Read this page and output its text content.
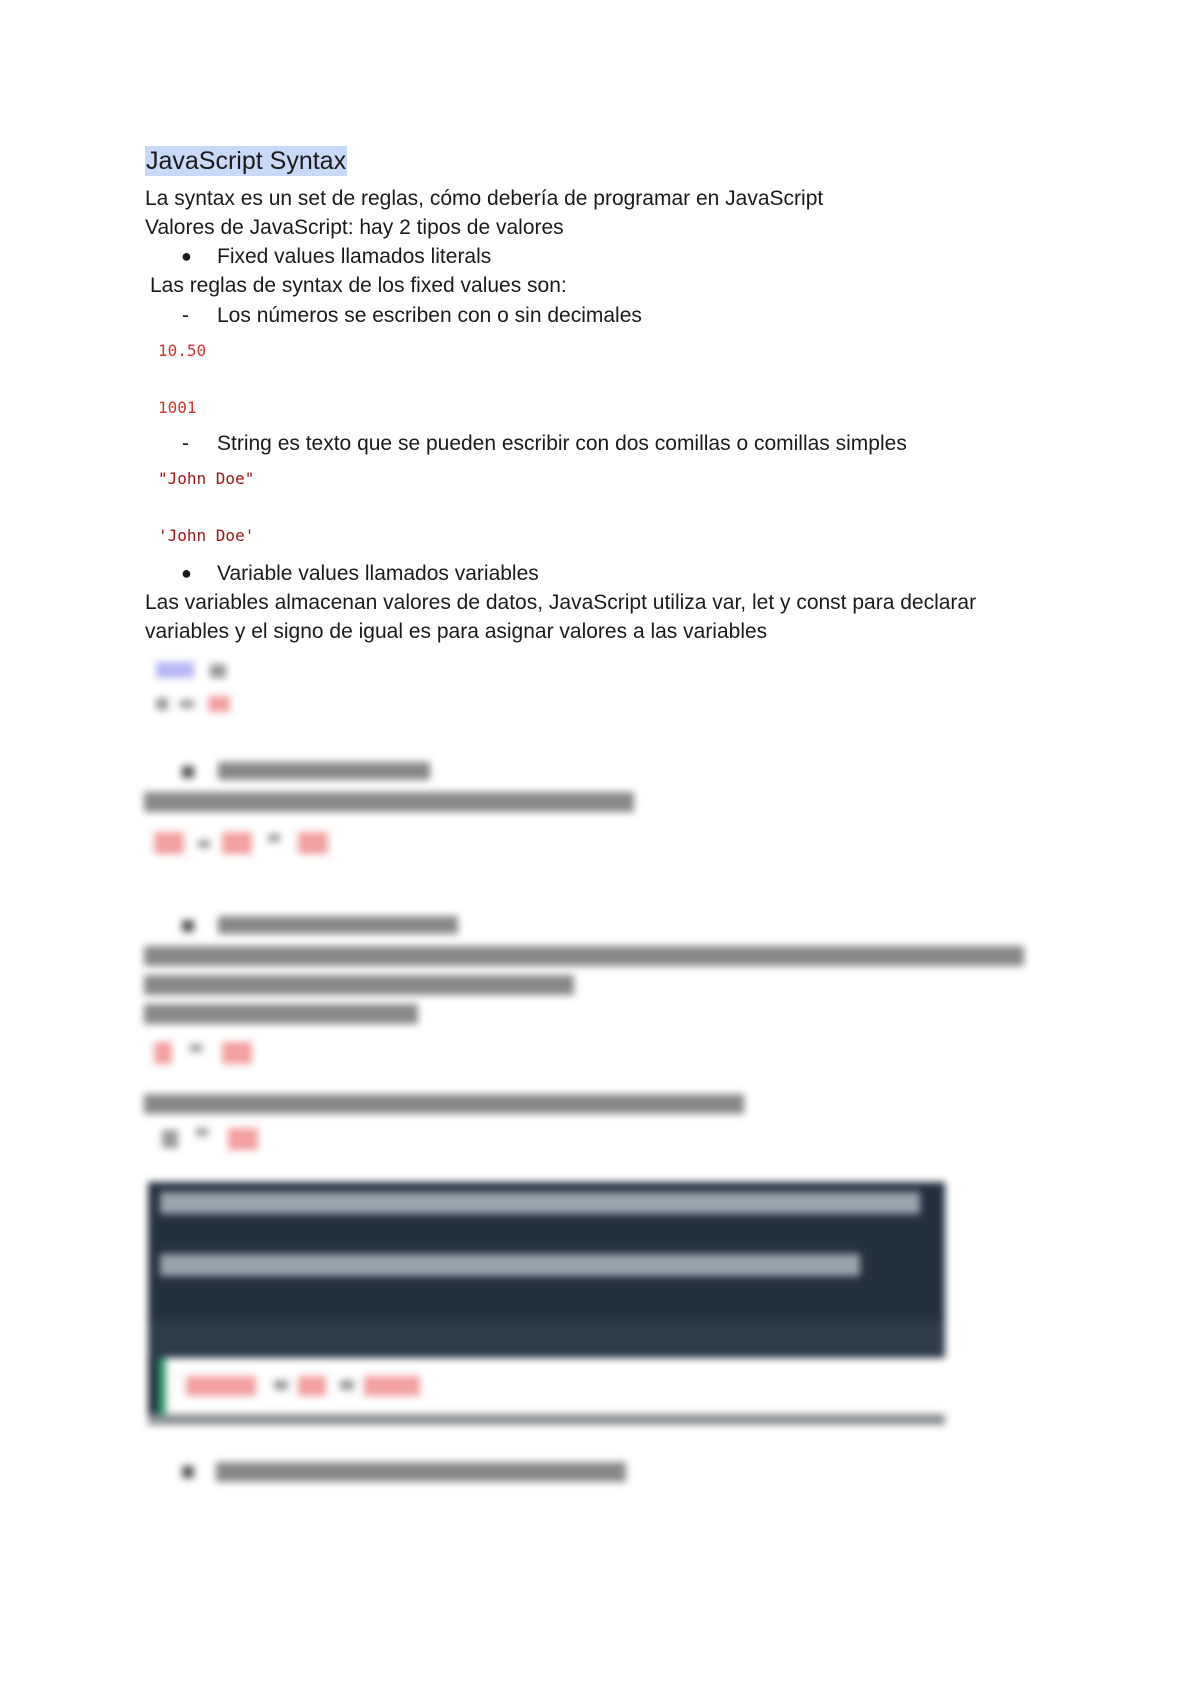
JavaScript Syntax
La syntax es un set de reglas, cómo debería de programar en JavaScript
Valores de JavaScript: hay 2 tipos de valores
● Fixed values llamados literals
Las reglas de syntax de los fixed values son:
- Los números se escriben con o sin decimales
10.50
1001
- String es texto que se pueden escribir con dos comillas o comillas simples
"John Doe"
'John Doe'
● Variable values llamados variables
Las variables almacenan valores de datos, JavaScript utiliza var, let y const para declarar
variables y el signo de igual es para asignar valores a las variables
